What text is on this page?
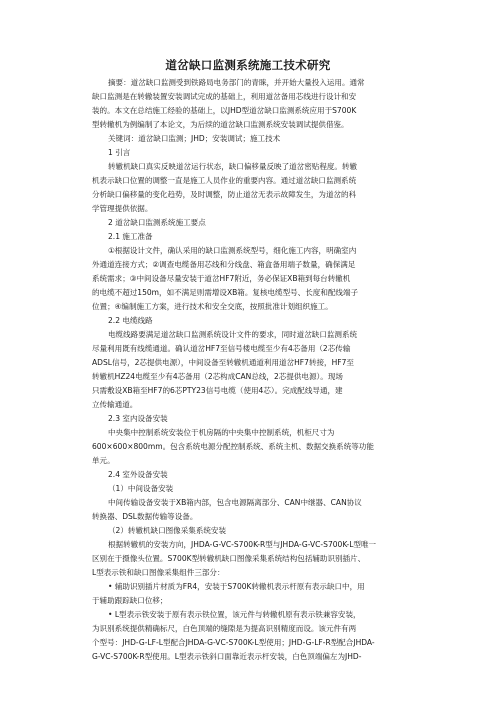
道岔缺口监测系统施工技术研究
摘要：道岔缺口监测受到铁路局电务部门的青睐，并开始大量投入运用。通常
缺口监测是在转辙装置安装调试完成的基础上，利用道岔备用芯线进行设计和安
装的。本文在总结施工经验的基础上，以JHD型道岔缺口监测系统应用于S700K
型转辙机为例编制了本论文，为后续的道岔缺口监测系统安装调试提供借鉴。
关键词：道岔缺口监测；JHD；安装调试；施工技术
1 引言
转辙机缺口真实反映道岔运行状态，缺口偏移量反映了道岔密贴程度。转辙
机表示缺口位置的调整一直是施工人员作业的重要内容。通过道岔缺口监测系统
分析缺口偏移量的变化趋势，及时调整，防止道岔无表示故障发生，为道岔的科
学管理提供依据。
2 道岔缺口监测系统施工要点
2.1 施工准备
①根据设计文件，确认采用的缺口监测系统型号，细化施工内容，明确室内
外通道连接方式；②调查电缆备用芯线和分线盘、箱盒备用端子数量，确保满足
系统需求；③中间设备尽量安装于道岔HF7附近，务必保证XB箱到每台转辙机
的电缆不超过150m，如不满足则需增设XB箱。复核电缆型号、长度和配线端子
位置；④编制施工方案，进行技术和安全交底，按照批准计划组织施工。
2.2 电缆线路
电缆线路要满足道岔缺口监测系统设计文件的要求，同时道岔缺口监测系统
尽量利用既有线缆通道。确认道岔HF7至信号楼电缆至少有4芯备用（2芯传输
ADSL信号，2芯提供电源），中间设备至转辙机通道利用道岔HF7转接，HF7至
转辙机HZ24电缆至少有4芯备用（2芯构成CAN总线，2芯提供电源）。现场
只需敷设XB箱至HF7的6芯PTY23信号电缆（使用4芯）。完成配线导通，建
立传输通道。
2.3 室内设备安装
中央集中控制系统安装位于机房隔的中央集中控制系统，机柜尺寸为
600×600×800mm。包含系统电源分配控制系统、系统主机、数据交换系统等功能
单元。
2.4 室外设备安装
（1）中间设备安装
中间传输设备安装于XB箱内部，包含电源隔离部分、CAN中继器、CAN协议
转换器、DSL数据传输等设备。
（2）转辙机缺口图像采集系统安装
根据转辙机的安装方向，JHDA-G-VC-S700K-R型与JHDA-G-VC-S700K-L型唯一
区别在于摄像头位置。S700K型转辙机缺口图像采集系统结构包括辅助识别插片、
L型表示铁和缺口图像采集组件三部分：
• 辅助识别插片材质为FR4，安装于S700K转辙机表示杆原有表示缺口中，用
于辅助跟踪缺口位移；
• L型表示铁安装于原有表示铁位置，该元件与转辙机原有表示铁兼容安装，
为识别系统提供精确标尺，白色顶端的缝隙是为提高识别精度而设。该元件有两
个型号：JHD-G-LF-L型配合JHDA-G-VC-S700K-L型使用；JHD-G-LF-R型配合JHDA-
G-VC-S700K-R型使用。L型表示铁斜口面靠近表示杆安装，白色顶端偏左为JHD-
